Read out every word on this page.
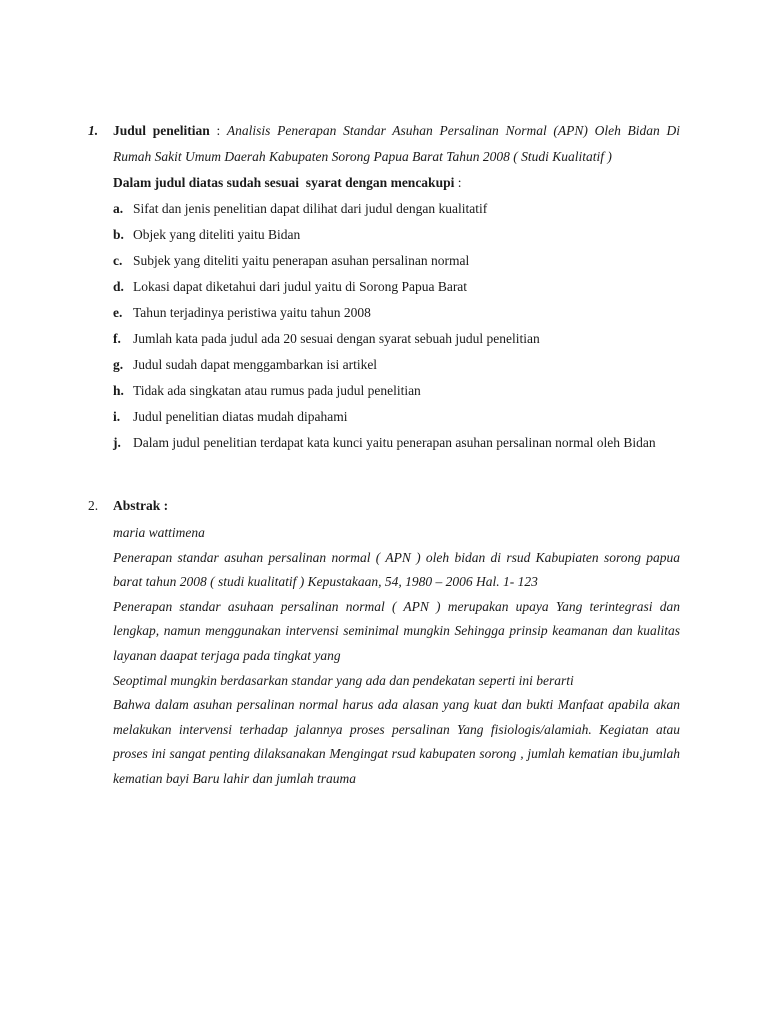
1.	Judul penelitian : Analisis Penerapan Standar Asuhan Persalinan Normal (APN) Oleh Bidan Di Rumah Sakit Umum Daerah Kabupaten Sorong Papua Barat Tahun 2008 ( Studi Kualitatif )

Dalam judul diatas sudah sesuai  syarat dengan mencakupi :

a. Sifat dan jenis penelitian dapat dilihat dari judul dengan kualitatif
b. Objek yang diteliti yaitu Bidan
c. Subjek yang diteliti yaitu penerapan asuhan persalinan normal
d. Lokasi dapat diketahui dari judul yaitu di Sorong Papua Barat
e. Tahun terjadinya peristiwa yaitu tahun 2008
f. Jumlah kata pada judul ada 20 sesuai dengan syarat sebuah judul penelitian
g. Judul sudah dapat menggambarkan isi artikel
h. Tidak ada singkatan atau rumus pada judul penelitian
i. Judul penelitian diatas mudah dipahami
j. Dalam judul penelitian terdapat kata kunci yaitu penerapan asuhan persalinan normal oleh Bidan
2.	Abstrak :

maria wattimena

Penerapan standar asuhan persalinan normal ( APN ) oleh bidan di rsud Kabupiaten sorong papua barat tahun 2008 ( studi kualitatif ) Kepustakaan, 54, 1980 – 2006 Hal. 1- 123

Penerapan standar asuhaan persalinan normal ( APN ) merupakan upaya Yang terintegrasi dan lengkap, namun menggunakan intervensi seminimal mungkin Sehingga prinsip keamanan dan kualitas layanan daapat terjaga pada tingkat yang

Seoptimal mungkin berdasarkan standar yang ada dan pendekatan seperti ini berarti

Bahwa dalam asuhan persalinan normal harus ada alasan yang kuat dan bukti Manfaat apabila akan melakukan intervensi terhadap jalannya proses persalinan Yang fisiologis/alamiah. Kegiatan atau proses ini sangat penting dilaksanakan Mengingat rsud kabupaten sorong , jumlah kematian ibu,jumlah kematian bayi Baru lahir dan jumlah trauma
